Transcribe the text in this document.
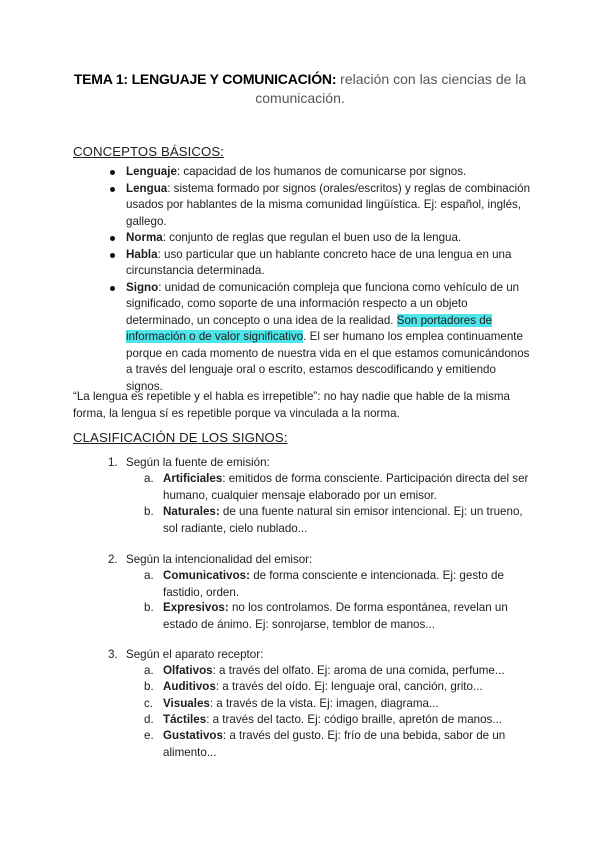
TEMA 1: LENGUAJE Y COMUNICACIÓN: relación con las ciencias de la comunicación.
CONCEPTOS BÁSICOS:
Lenguaje: capacidad de los humanos de comunicarse por signos.
Lengua: sistema formado por signos (orales/escritos) y reglas de combinación usados por hablantes de la misma comunidad lingüística. Ej: español, inglés, gallego.
Norma: conjunto de reglas que regulan el buen uso de la lengua.
Habla: uso particular que un hablante concreto hace de una lengua en una circunstancia determinada.
Signo: unidad de comunicación compleja que funciona como vehículo de un significado, como soporte de una información respecto a un objeto determinado, un concepto o una idea de la realidad. Son portadores de información o de valor significativo. El ser humano los emplea continuamente porque en cada momento de nuestra vida en el que estamos comunicándonos a través del lenguaje oral o escrito, estamos descodificando y emitiendo signos.
“La lengua es repetible y el habla es irrepetible”: no hay nadie que hable de la misma forma, la lengua sí es repetible porque va vinculada a la norma.
CLASIFICACIÓN DE LOS SIGNOS:
1. Según la fuente de emisión:
a. Artificiales: emitidos de forma consciente. Participación directa del ser humano, cualquier mensaje elaborado por un emisor.
b. Naturales: de una fuente natural sin emisor intencional. Ej: un trueno, sol radiante, cielo nublado...
2. Según la intencionalidad del emisor:
a. Comunicativos: de forma consciente e intencionada. Ej: gesto de fastidio, orden.
b. Expresivos: no los controlamos. De forma espontánea, revelan un estado de ánimo. Ej: sonrojarse, temblor de manos...
3. Según el aparato receptor:
a. Olfativos: a través del olfato. Ej: aroma de una comida, perfume...
b. Auditivos: a través del oído. Ej: lenguaje oral, canción, grito...
c. Visuales: a través de la vista. Ej: imagen, diagrama...
d. Táctiles: a través del tacto. Ej: código braille, apretón de manos...
e. Gustativos: a través del gusto. Ej: frío de una bebida, sabor de un alimento...
